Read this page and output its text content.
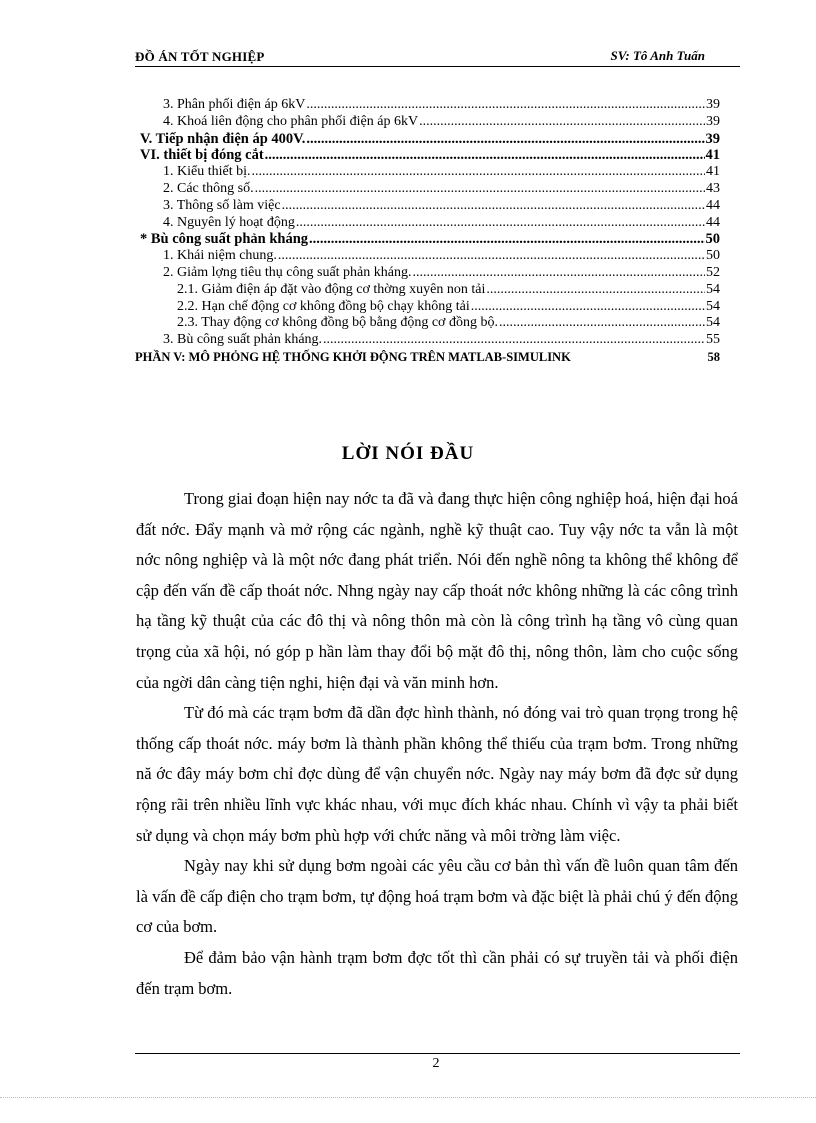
ĐỒ ÁN TỐT NGHIỆP	SV: Tô Anh Tuấn
3. Phân phối điện áp 6kV .....	39
4. Khoá liên động cho phân phối điện áp 6kV .....	39
V. Tiếp nhận điện áp 400V. .....	39
VI. thiết bị đóng cắt .....	41
1. Kiểu thiết bị. .....	41
2. Các thông số. .....	43
3. Thông số làm việc .....	44
4. Nguyên lý hoạt động .....	44
* Bù công suất phản kháng .....	50
1. Khái niệm chung. .....	50
2. Giảm lợng tiêu thụ công suất phản kháng. .....	52
2.1. Giảm điện áp đặt vào động cơ thờng xuyên non tải .....	54
2.2. Hạn chế động cơ không đồng bộ chạy không tải .....	54
2.3. Thay động cơ không đồng bộ bằng động cơ đồng bộ. .....	54
3. Bù công suất phản kháng. .....	55
PHẦN V: MÔ PHỎNG HỆ THỐNG KHỞI ĐỘNG TRÊN MATLAB-SIMULINK	58
LỜI NÓI ĐẦU

Trong giai đoạn hiện nay nớc ta đã và đang thực hiện công nghiệp hoá, hiện đại hoá đất nớc. Đẩy mạnh và mở rộng các ngành, nghề kỹ thuật cao. Tuy vậy nớc ta vẫn là một nớc nông nghiệp và là một nớc đang phát triển. Nói đến nghề nông ta không thể không để cập đến vấn đề cấp thoát nớc. Nhng ngày nay cấp thoát nớc không những là các công trình hạ tầng kỹ thuật của các đô thị và nông thôn mà còn là công trình hạ tầng vô cùng quan trọng của xã hội, nó góp p hần làm thay đổi bộ mặt đô thị, nông thôn, làm cho cuộc sống của ngời dân càng tiện nghi, hiện đại và văn minh hơn.

Từ đó mà các trạm bơm đã dần đợc hình thành, nó đóng vai trò quan trọng trong hệ thống cấp thoát nớc. máy bơm là thành phần không thể thiếu của trạm bơm. Trong những nă ớc đây máy bơm chỉ đợc dùng để vận chuyển nớc. Ngày nay máy bơm đã đợc sử dụng rộng rãi trên nhiều lĩnh vực khác nhau, với mục đích khác nhau. Chính vì vậy ta phải biết sử dụng và chọn máy bơm phù hợp với chức năng và môi trờng làm việc.

Ngày nay khi sử dụng bơm ngoài các yêu cầu cơ bản thì vấn đề luôn quan tâm đến là vấn đề cấp điện cho trạm bơm, tự động hoá trạm bơm và đặc biệt là phải chú ý đến động cơ của bơm.

Để đảm bảo vận hành trạm bơm đợc tốt thì cần phải có sự truyền tải và phối điện đến trạm bơm.

2
